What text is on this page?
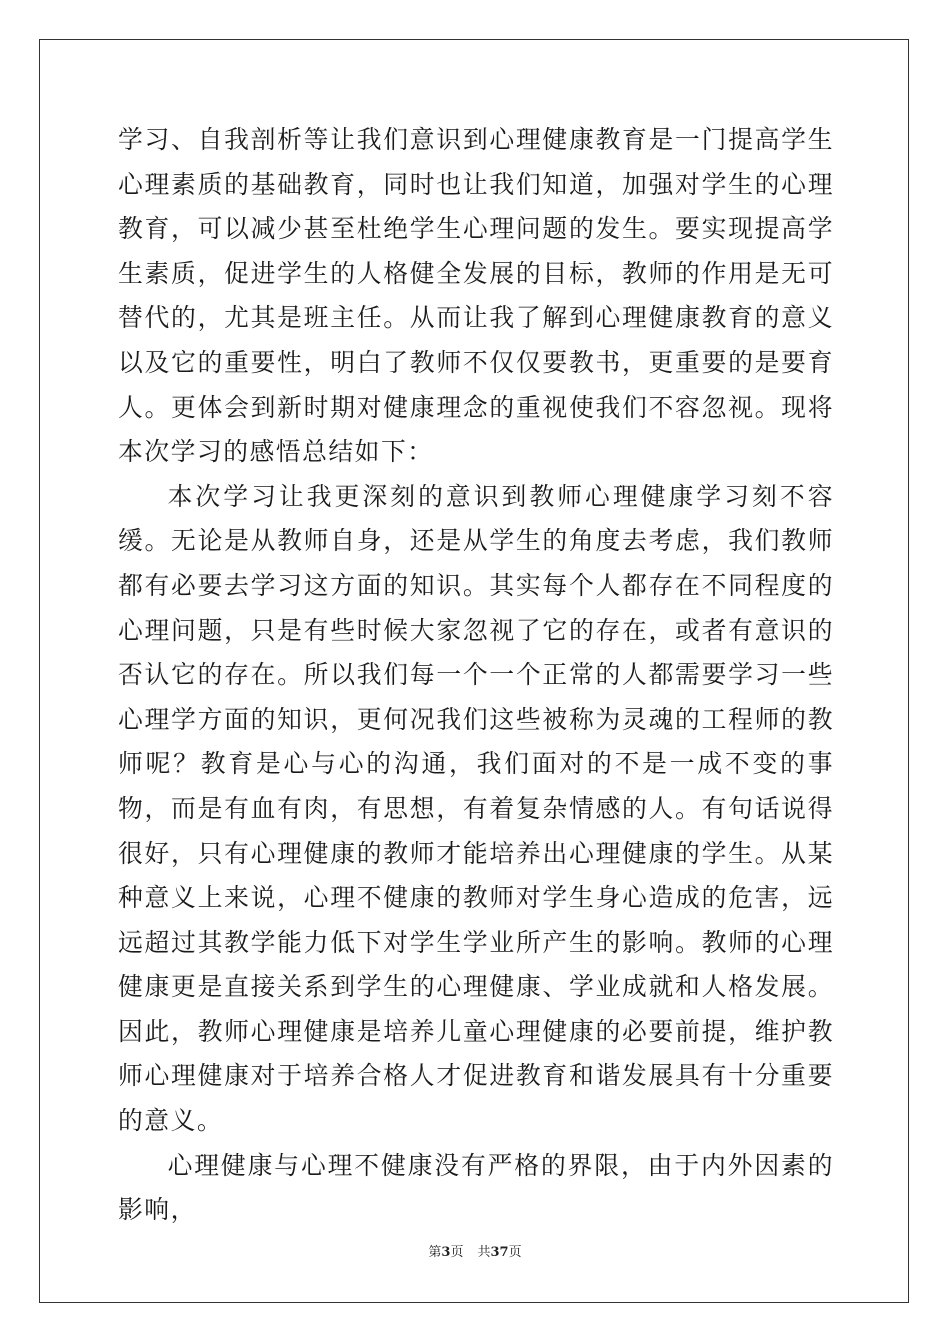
学习、自我剖析等让我们意识到心理健康教育是一门提高学生心理素质的基础教育，同时也让我们知道，加强对学生的心理教育，可以减少甚至杜绝学生心理问题的发生。要实现提高学生素质，促进学生的人格健全发展的目标，教师的作用是无可替代的，尤其是班主任。从而让我了解到心理健康教育的意义以及它的重要性，明白了教师不仅仅要教书，更重要的是要育人。更体会到新时期对健康理念的重视使我们不容忽视。现将本次学习的感悟总结如下：

本次学习让我更深刻的意识到教师心理健康学习刻不容缓。无论是从教师自身，还是从学生的角度去考虑，我们教师都有必要去学习这方面的知识。其实每个人都存在不同程度的心理问题，只是有些时候大家忽视了它的存在，或者有意识的否认它的存在。所以我们每一个一个正常的人都需要学习一些心理学方面的知识，更何况我们这些被称为灵魂的工程师的教师呢？教育是心与心的沟通，我们面对的不是一成不变的事物，而是有血有肉，有思想，有着复杂情感的人。有句话说得很好，只有心理健康的教师才能培养出心理健康的学生。从某种意义上来说，心理不健康的教师对学生身心造成的危害，远远超过其教学能力低下对学生学业所产生的影响。教师的心理健康更是直接关系到学生的心理健康、学业成就和人格发展。因此，教师心理健康是培养儿童心理健康的必要前提，维护教师心理健康对于培养合格人才促进教育和谐发展具有十分重要的意义。

心理健康与心理不健康没有严格的界限，由于内外因素的影响，

第3页 共37页
